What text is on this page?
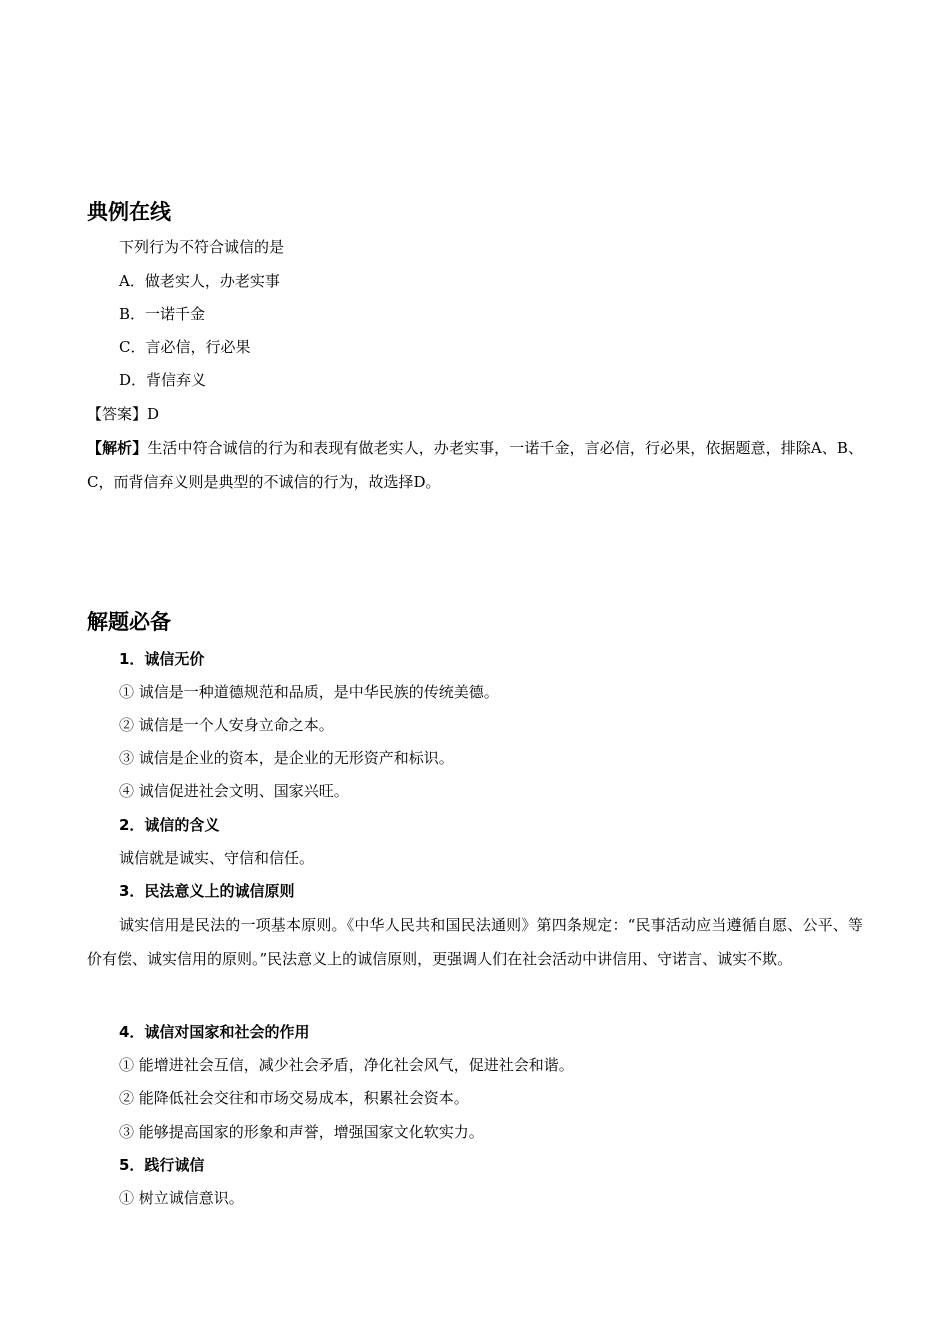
典例在线
下列行为不符合诚信的是
A．做老实人，办老实事
B．一诺千金
C．言必信，行必果
D．背信弃义
【答案】D
【解析】生活中符合诚信的行为和表现有做老实人，办老实事，一诺千金，言必信，行必果，依据题意，排除A、B、C，而背信弃义则是典型的不诚信的行为，故选择D。
解题必备
1．诚信无价
① 诚信是一种道德规范和品质，是中华民族的传统美德。
② 诚信是一个人安身立命之本。
③ 诚信是企业的资本，是企业的无形资产和标识。
④ 诚信促进社会文明、国家兴旺。
2．诚信的含义
诚信就是诚实、守信和信任。
3．民法意义上的诚信原则
诚实信用是民法的一项基本原则。《中华人民共和国民法通则》第四条规定：“民事活动应当遵循自愿、公平、等价有偿、诚实信用的原则。”民法意义上的诚信原则，更强调人们在社会活动中讲信用、守诺言、诚实不欺。
4．诚信对国家和社会的作用
① 能增进社会互信，减少社会矛盾，净化社会风气，促进社会和谐。
② 能降低社会交往和市场交易成本，积累社会资本。
③ 能够提高国家的形象和声誉，增强国家文化软实力。
5．践行诚信
① 树立诚信意识。
